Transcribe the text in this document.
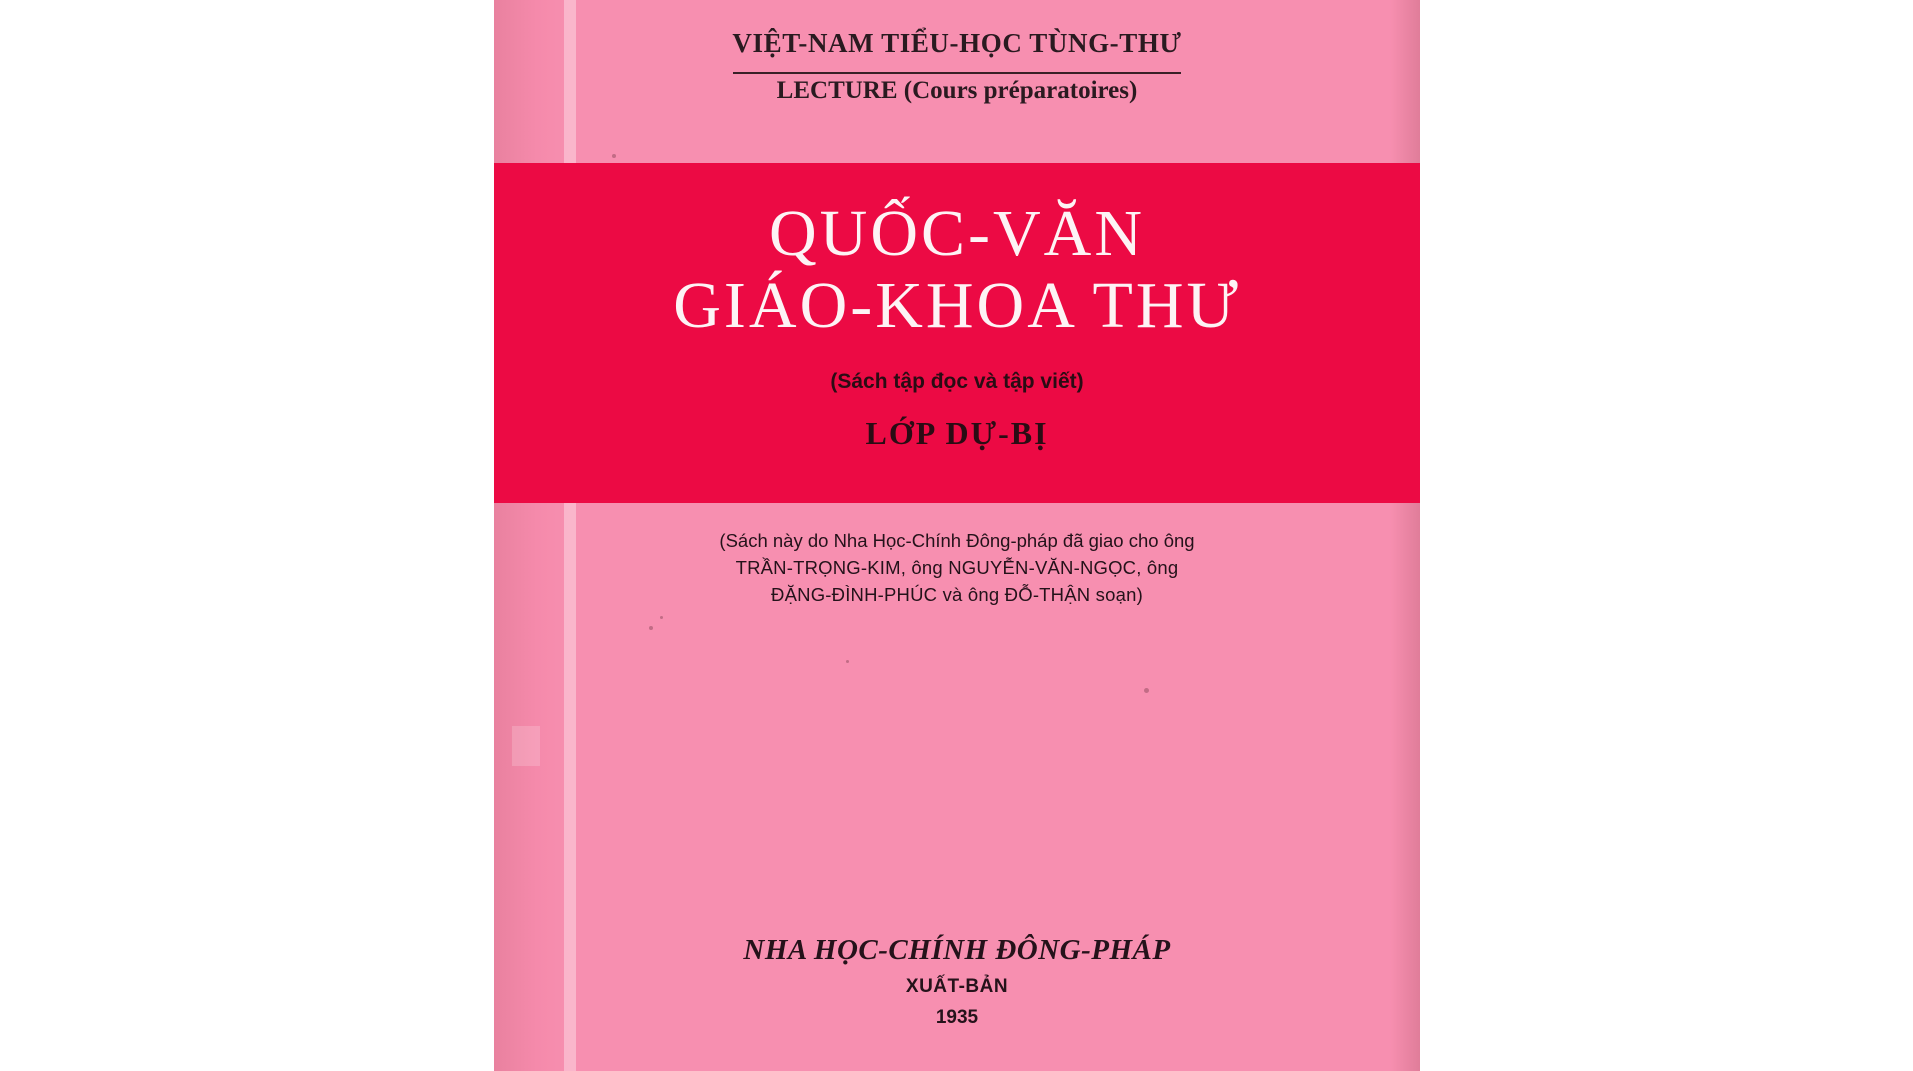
VIỆT-NAM TIỂU-HỌC TÙNG-THƯ
LECTURE (Cours préparatoires)
QUỐC-VĂN
GIÁO-KHOA THƯ
(Sách tập đọc và tập viết)
LỚP DỰ-BỊ
(Sách này do Nha Học-Chính Đông-pháp đã giao cho ông
TRẦN-TRỌNG-KIM, ông NGUYỄN-VĂN-NGỌC, ông
ĐẶNG-ĐÌNH-PHÚC và ông ĐỖ-THẬN soạn)
NHA HỌC-CHÍNH ĐÔNG-PHÁP
XUẤT-BẢN
1935
